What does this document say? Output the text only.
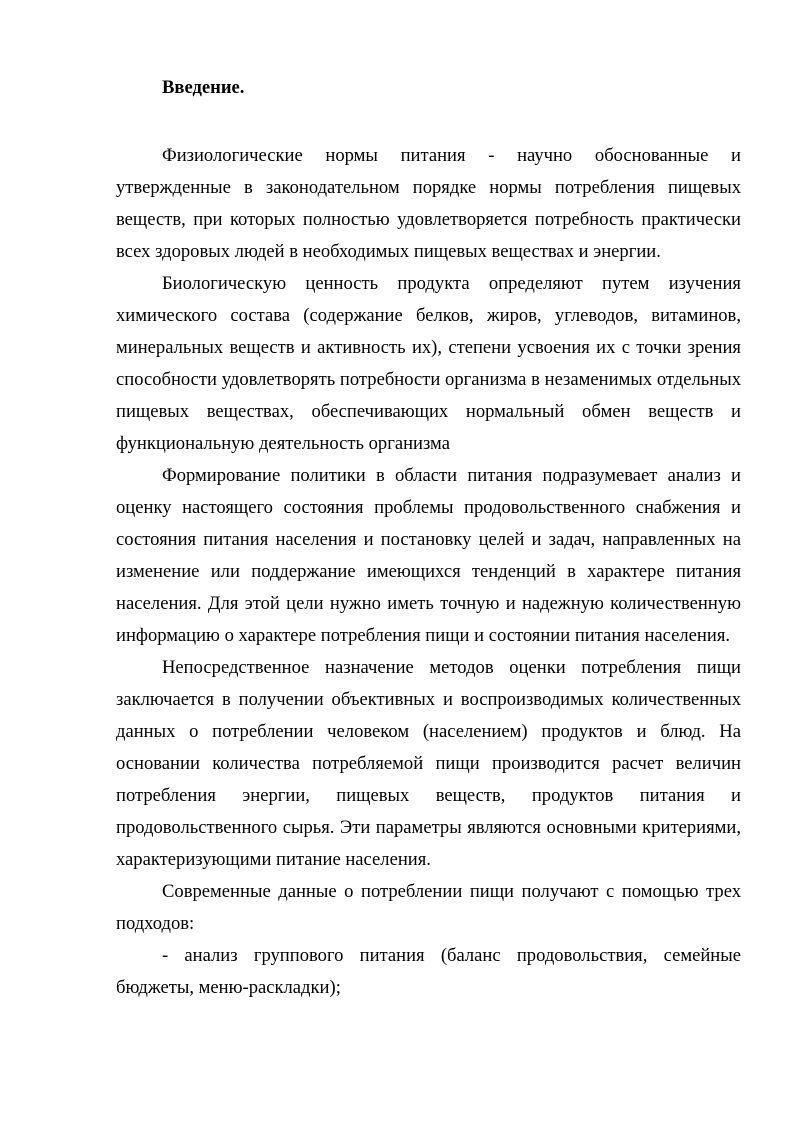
Введение.

Физиологические нормы питания - научно обоснованные и утвержденные в законодательном порядке нормы потребления пищевых веществ, при которых полностью удовлетворяется потребность практически всех здоровых людей в необходимых пищевых веществах и энергии.

Биологическую ценность продукта определяют путем изучения химического состава (содержание белков, жиров, углеводов, витаминов, минеральных веществ и активность их), степени усвоения их с точки зрения способности удовлетворять потребности организма в незаменимых отдельных пищевых веществах, обеспечивающих нормальный обмен веществ и функциональную деятельность организма

Формирование политики в области питания подразумевает анализ и оценку настоящего состояния проблемы продовольственного снабжения и состояния питания населения и постановку целей и задач, направленных на изменение или поддержание имеющихся тенденций в характере питания населения. Для этой цели нужно иметь точную и надежную количественную информацию о характере потребления пищи и состоянии питания населения.

Непосредственное назначение методов оценки потребления пищи заключается в получении объективных и воспроизводимых количественных данных о потреблении человеком (населением) продуктов и блюд. На основании количества потребляемой пищи производится расчет величин потребления энергии, пищевых веществ, продуктов питания и продовольственного сырья. Эти параметры являются основными критериями, характеризующими питание населения.

Современные данные о потреблении пищи получают с помощью трех подходов:

- анализ группового питания (баланс продовольствия, семейные бюджеты, меню-раскладки);
